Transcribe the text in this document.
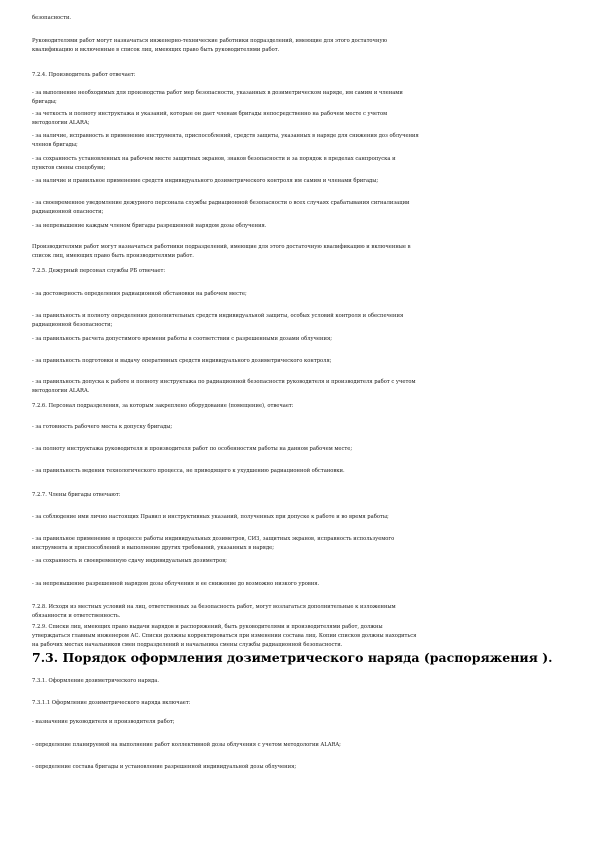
безопасности.

Руководителями работ могут назначаться инженерно-технические работники подразделений, имеющие для этого достаточную
квалификацию и включенные в список лиц, имеющих право быть руководителями работ.

7.2.4. Производитель работ отвечает:

- за выполнение необходимых для производства работ мер безопасности, указанных в дозиметрическом наряде, им самим и членами
бригады;

- за четкость и полноту инструктажа и указаний, которые он дает членам бригады непосредственно на рабочем месте с учетом
методологии ALARA;

- за наличие, исправность и применение инструмента, приспособлений, средств защиты, указанных в наряде для снижения доз облучения
членов бригады;

- за сохранность установленных на рабочем месте защитных экранов, знаков безопасности и за порядок в пределах санпропуска и
пунктов смены спецобуви;

- за наличие и правильное применение средств индивидуального дозиметрического контроля им самим и членами бригады;

- за своевременное уведомление дежурного персонала службы радиационной безопасности о всех случаях срабатывания сигнализации
радиационной опасности;

- за непревышение каждым членом бригады разрешенной нарядом дозы облучения.

Производителями работ могут назначаться работники подразделений, имеющие для этого достаточную квалификацию и включенные в
список лиц, имеющих право быть производителями работ.

7.2.5. Дежурный персонал службы РБ отвечает:

- за достоверность определения радиационной обстановки на рабочем месте;

- за правильность и полноту определения дополнительных средств индивидуальной защиты, особых условий контроля и обеспечения
радиационной безопасности;

- за правильность расчета допустимого времени работы в соответствии с разрешенными дозами облучения;

- за правильность подготовки и выдачу оперативных средств индивидуального дозиметрического контроля;

- за правильность допуска к работе и полноту инструктажа по радиационной безопасности руководителя и производителя работ с учетом
методологии ALARA.

7.2.6. Персонал подразделения, за которым закреплено оборудование (помещение), отвечает:

- за готовность рабочего места к допуску бригады;

- за полноту инструктажа руководителя и производителя работ по особенностям работы на данном рабочем месте;

- за правильность ведения технологического процесса, не приводящего к ухудшению радиационной обстановки.

7.2.7. Члены бригады отвечают:

- за соблюдение ими лично настоящих Правил и инструктивных указаний, полученных при допуске к работе и во время работы;

- за правильное применение в процессе работы индивидуальных дозиметров, СИЗ, защитных экранов, исправность используемого
инструмента и приспособлений и выполнение других требований, указанных в наряде;

- за сохранность и своевременную сдачу индивидуальных дозиметров;

- за непревышение разрешенной нарядом дозы облучения и ее снижение до возможно низкого уровня.

7.2.8. Исходя из местных условий на лиц, ответственных за безопасность работ, могут возлагаться дополнительные к изложенным
обязанности и ответственность.

7.2.9. Списки лиц, имеющих право выдачи нарядов и распоряжений, быть руководителями и производителями работ, должны
утверждаться главным инженером АС. Списки должны корректироваться при изменении состава лиц. Копии списков должны находиться
на рабочих местах начальников смен подразделений и начальника смены службы радиационной безопасности.

7.3. Порядок оформления дозиметрического наряда (распоряжения ).

7.3.1. Оформление дозиметрического наряда.

7.3.1.1 Оформление дозиметрического наряда включает:

- назначение руководителя и производителя работ;

- определение планируемой на выполнение работ коллективной дозы облучения с учетом методологии ALARA;

- определение состава бригады и установление разрешенной индивидуальной дозы облучения;
